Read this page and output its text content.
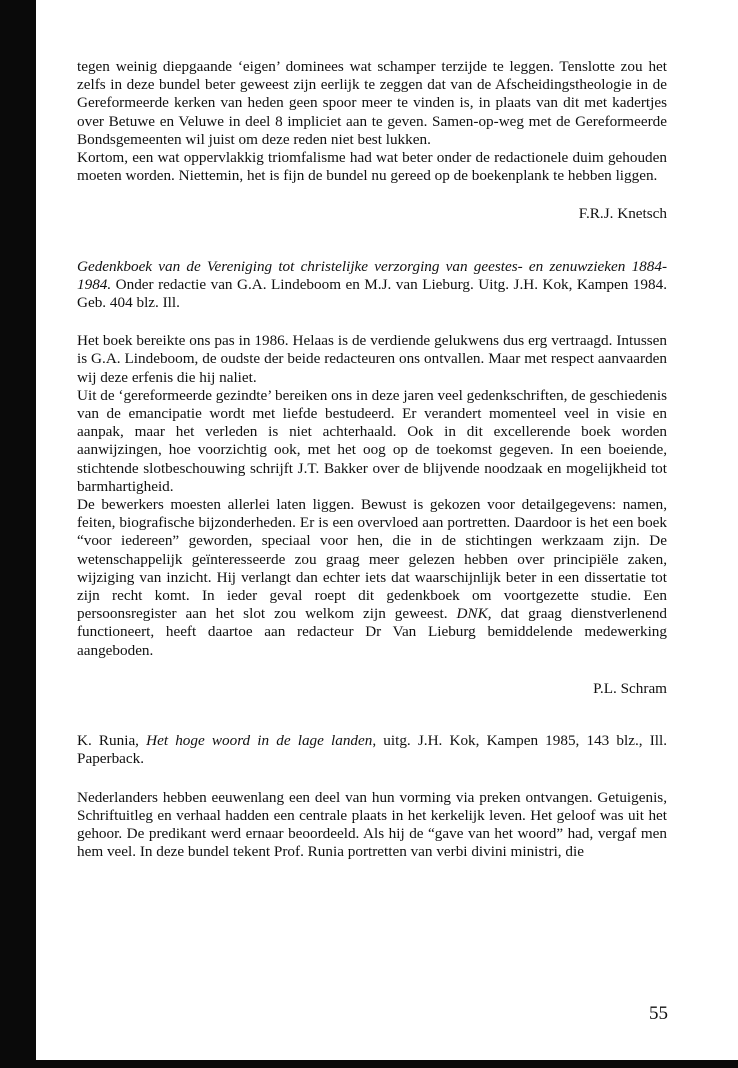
tegen weinig diepgaande ‘eigen’ dominees wat schamper terzijde te leggen. Tenslotte zou het zelfs in deze bundel beter geweest zijn eerlijk te zeggen dat van de Afscheidingstheologie in de Gereformeerde kerken van heden geen spoor meer te vinden is, in plaats van dit met kadertjes over Betuwe en Veluwe in deel 8 impliciet aan te geven. Samen-op-weg met de Gereformeerde Bondsgemeenten wil juist om deze reden niet best lukken.

Kortom, een wat oppervlakkig triomfalisme had wat beter onder de redactionele duim gehouden moeten worden. Niettemin, het is fijn de bundel nu gereed op de boekenplank te hebben liggen.

F.R.J. Knetsch

Gedenkboek van de Vereniging tot christelijke verzorging van geestes- en zenuwzieken 1884-1984. Onder redactie van G.A. Lindeboom en M.J. van Lieburg. Uitg. J.H. Kok, Kampen 1984. Geb. 404 blz. Ill.

Het boek bereikte ons pas in 1986. Helaas is de verdiende gelukwens dus erg vertraagd. Intussen is G.A. Lindeboom, de oudste der beide redacteuren ons ontvallen. Maar met respect aanvaarden wij deze erfenis die hij naliet.

Uit de ‘gereformeerde gezindte’ bereiken ons in deze jaren veel gedenkschriften, de geschiedenis van de emancipatie wordt met liefde bestudeerd. Er verandert momenteel veel in visie en aanpak, maar het verleden is niet achterhaald. Ook in dit excellerende boek worden aanwijzingen, hoe voorzichtig ook, met het oog op de toekomst gegeven. In een boeiende, stichtende slotbeschouwing schrijft J.T. Bakker over de blijvende noodzaak en mogelijkheid tot barmhartigheid.

De bewerkers moesten allerlei laten liggen. Bewust is gekozen voor detailgegevens: namen, feiten, biografische bijzonderheden. Er is een overvloed aan portretten. Daardoor is het een boek “voor iedereen” geworden, speciaal voor hen, die in de stichtingen werkzaam zijn. De wetenschappelijk geïnteresseerde zou graag meer gelezen hebben over principiële zaken, wijziging van inzicht. Hij verlangt dan echter iets dat waarschijnlijk beter in een dissertatie tot zijn recht komt. In ieder geval roept dit gedenkboek om voortgezette studie. Een persoonsregister aan het slot zou welkom zijn geweest. DNK, dat graag dienstverlenend functioneert, heeft daartoe aan redacteur Dr Van Lieburg bemiddelende medewerking aangeboden.

P.L. Schram

K. Runia, Het hoge woord in de lage landen, uitg. J.H. Kok, Kampen 1985, 143 blz., Ill. Paperback.

Nederlanders hebben eeuwenlang een deel van hun vorming via preken ontvangen. Getuigenis, Schriftuitleg en verhaal hadden een centrale plaats in het kerkelijk leven. Het geloof was uit het gehoor. De predikant werd ernaar beoordeeld. Als hij de “gave van het woord” had, vergaf men hem veel. In deze bundel tekent Prof. Runia portretten van verbi divini ministri, die

55
